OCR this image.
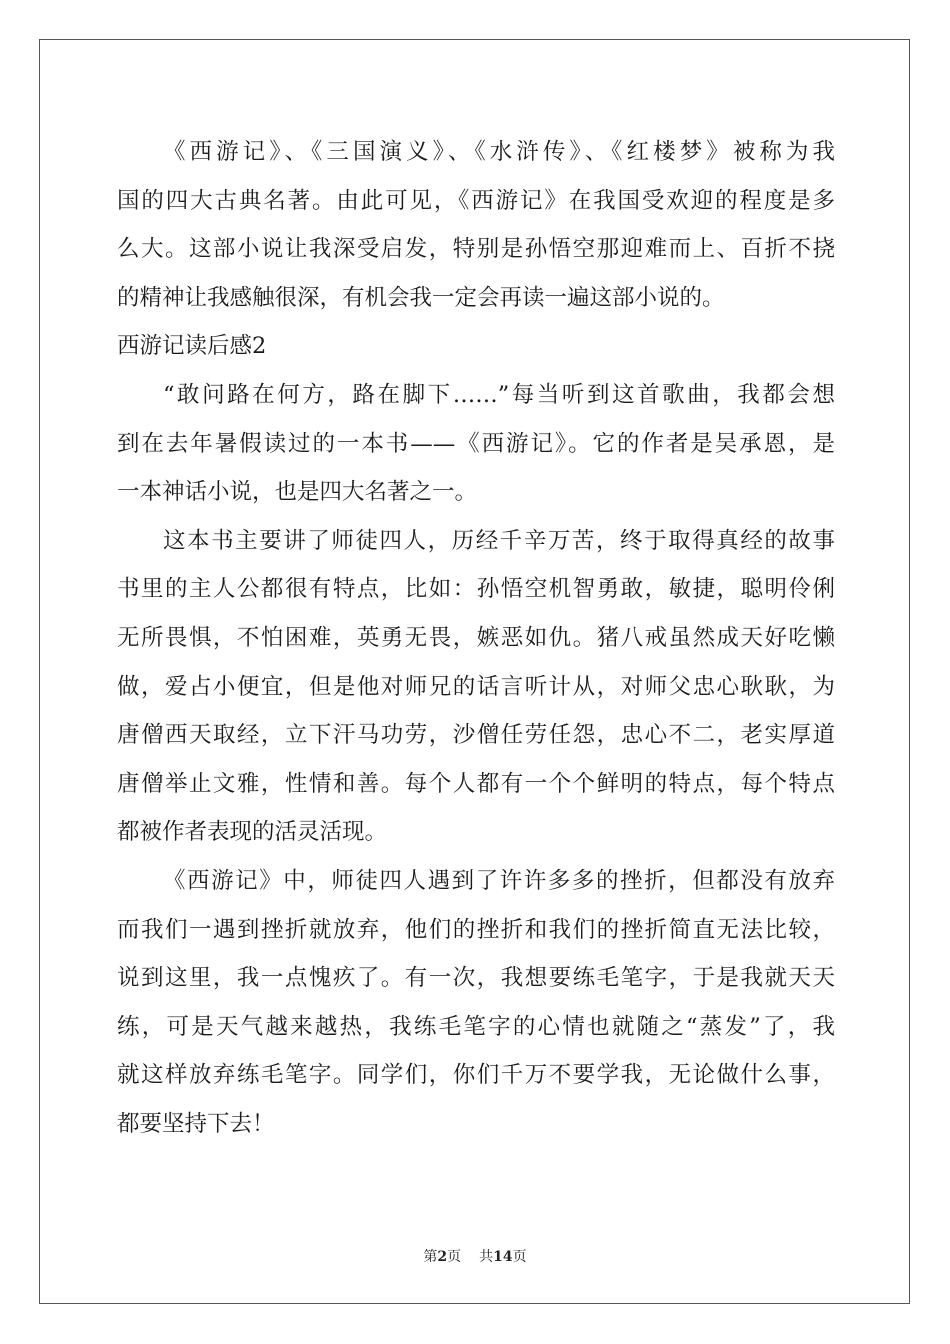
《西游记》、《三国演义》、《水浒传》、《红楼梦》被称为我
国的四大古典名著。由此可见，《西游记》在我国受欢迎的程度是多
么大。这部小说让我深受启发，特别是孙悟空那迎难而上、百折不挠
的精神让我感触很深，有机会我一定会再读一遍这部小说的。
西游记读后感2
“敢问路在何方，路在脚下……”每当听到这首歌曲，我都会想
到在去年暑假读过的一本书——《西游记》。它的作者是吴承恩，是
一本神话小说，也是四大名著之一。
这本书主要讲了师徒四人，历经千辛万苦，终于取得真经的故事
书里的主人公都很有特点，比如：孙悟空机智勇敢，敏捷，聪明伶俐
无所畏惧，不怕困难，英勇无畏，嫉恶如仇。猪八戒虽然成天好吃懒
做，爱占小便宜，但是他对师兄的话言听计从，对师父忠心耿耿，为
唐僧西天取经，立下汗马功劳，沙僧任劳任怨，忠心不二，老实厚道
唐僧举止文雅，性情和善。每个人都有一个个鲜明的特点，每个特点
都被作者表现的活灵活现。
《西游记》中，师徒四人遇到了许许多多的挫折，但都没有放弃
而我们一遇到挫折就放弃，他们的挫折和我们的挫折简直无法比较，
说到这里，我一点愧疚了。有一次，我想要练毛笔字，于是我就天天
练，可是天气越来越热，我练毛笔字的心情也就随之“蒸发”了，我
就这样放弃练毛笔字。同学们，你们千万不要学我，无论做什么事，
都要坚持下去！
第2页 共14页
